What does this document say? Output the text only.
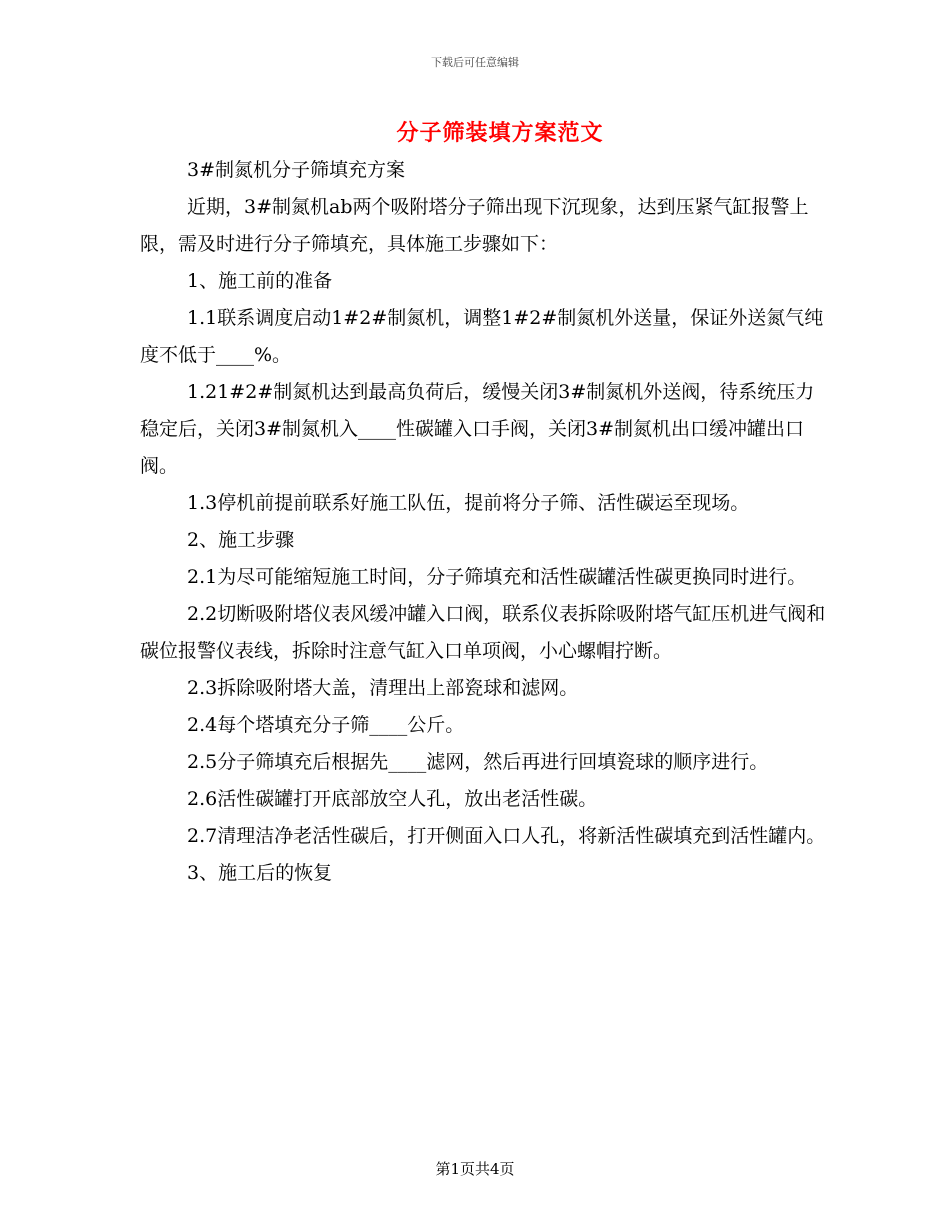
下载后可任意编辑
分子筛装填方案范文

3#制氮机分子筛填充方案

近期，3#制氮机ab两个吸附塔分子筛出现下沉现象，达到压紧气缸报警上限，需及时进行分子筛填充，具体施工步骤如下：

1、施工前的准备

1.1联系调度启动1#2#制氮机，调整1#2#制氮机外送量，保证外送氮气纯度不低于____%。

1.21#2#制氮机达到最高负荷后，缓慢关闭3#制氮机外送阀，待系统压力稳定后，关闭3#制氮机入____性碳罐入口手阀，关闭3#制氮机出口缓冲罐出口阀。

1.3停机前提前联系好施工队伍，提前将分子筛、活性碳运至现场。

2、施工步骤

2.1为尽可能缩短施工时间，分子筛填充和活性碳罐活性碳更换同时进行。

2.2切断吸附塔仪表风缓冲罐入口阀，联系仪表拆除吸附塔气缸压机进气阀和碳位报警仪表线，拆除时注意气缸入口单项阀，小心螺帽拧断。

2.3拆除吸附塔大盖，清理出上部瓷球和滤网。

2.4每个塔填充分子筛____公斤。

2.5分子筛填充后根据先____滤网，然后再进行回填瓷球的顺序进行。

2.6活性碳罐打开底部放空人孔，放出老活性碳。

2.7清理洁净老活性碳后，打开侧面入口人孔，将新活性碳填充到活性罐内。

3、施工后的恢复

第1页共4页
